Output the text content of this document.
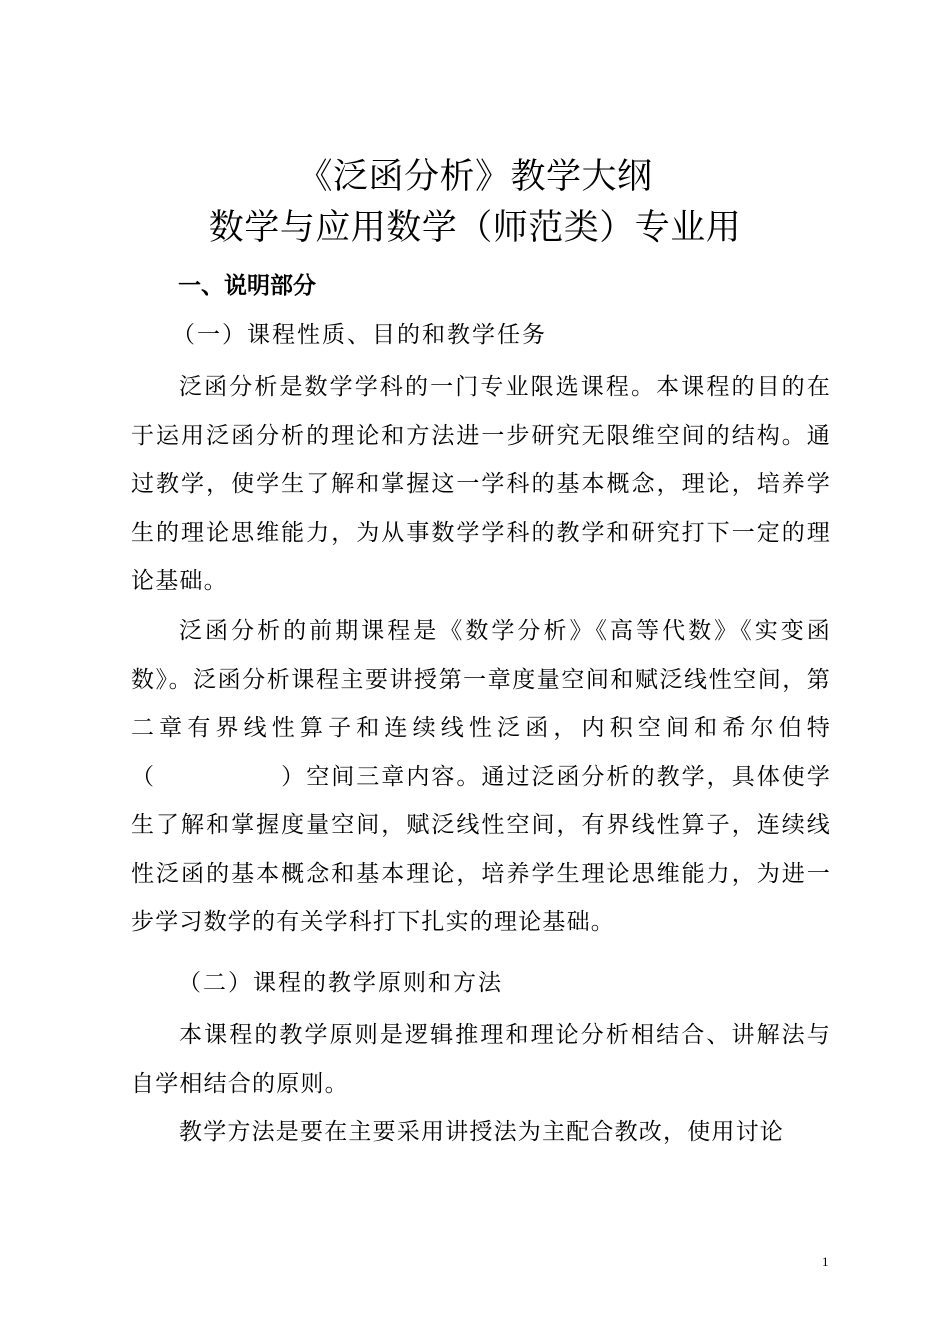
《泛函分析》教学大纲
数学与应用数学（师范类）专业用
一、说明部分
（一）课程性质、目的和教学任务

泛函分析是数学学科的一门专业限选课程。本课程的目的在于运用泛函分析的理论和方法进一步研究无限维空间的结构。通过教学，使学生了解和掌握这一学科的基本概念，理论，培养学生的理论思维能力，为从事数学学科的教学和研究打下一定的理论基础。

泛函分析的前期课程是《数学分析》《高等代数》《实变函数》。泛函分析课程主要讲授第一章度量空间和赋泛线性空间，第二章有界线性算子和连续线性泛函，内积空间和希尔伯特（　　　　　）空间三章内容。通过泛函分析的教学，具体使学生了解和掌握度量空间，赋泛线性空间，有界线性算子，连续线性泛函的基本概念和基本理论，培养学生理论思维能力，为进一步学习数学的有关学科打下扎实的理论基础。

（二）课程的教学原则和方法

本课程的教学原则是逻辑推理和理论分析相结合、讲解法与自学相结合的原则。

教学方法是要在主要采用讲授法为主配合教改，使用讨论

1
